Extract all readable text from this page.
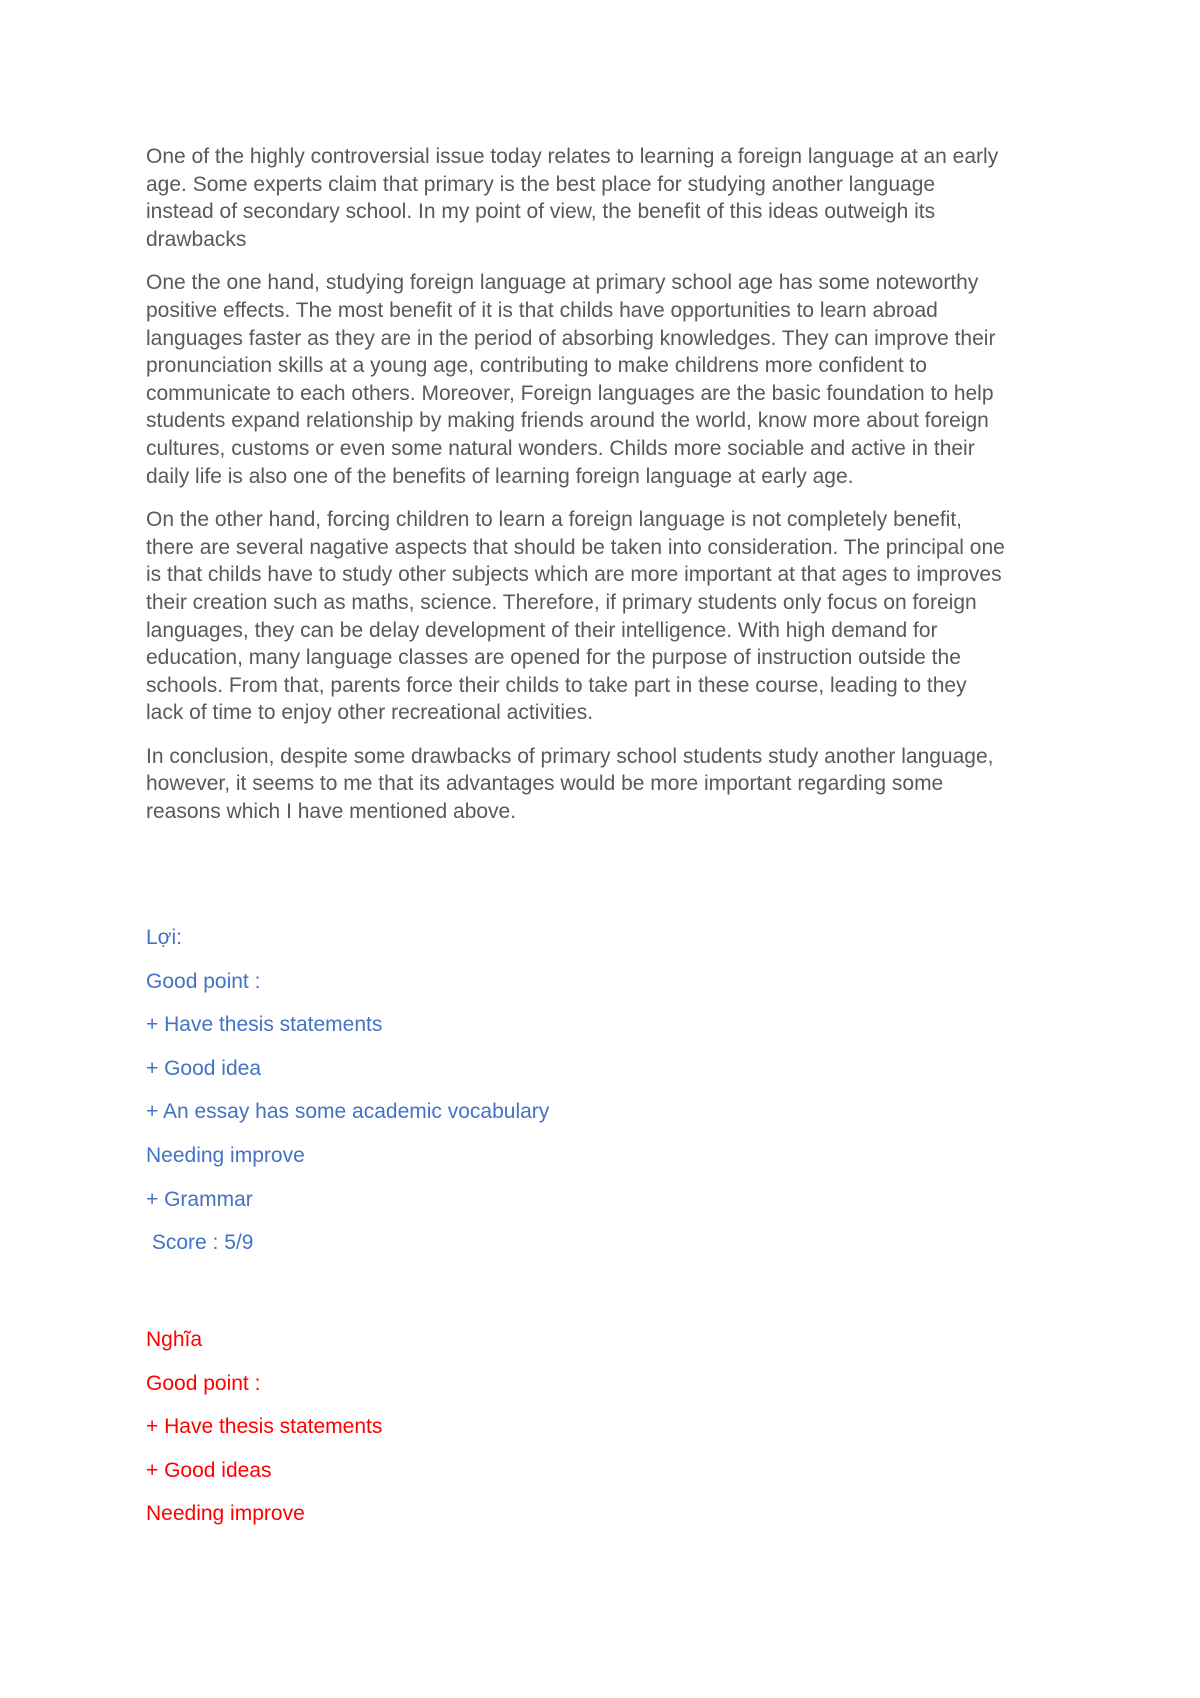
One of the highly controversial issue today relates to learning a foreign language at an early
age. Some experts claim that primary is the best place for studying another language
instead of secondary school. In my point of view, the benefit of this ideas outweigh its
drawbacks

One the one hand, studying foreign language at primary school age has some noteworthy
positive effects. The most benefit of it is that childs have opportunities to learn abroad
languages faster as they are in the period of absorbing knowledges. They can improve their
pronunciation skills at a young age, contributing to make childrens more confident to
communicate to each others. Moreover, Foreign languages are the basic foundation to help
students expand relationship by making friends around the world, know more about foreign
cultures, customs or even some natural wonders. Childs more sociable and active in their
daily life is also one of the benefits of learning foreign language at early age.

On the other hand, forcing children to learn a foreign language is not completely benefit,
there are several nagative aspects that should be taken into consideration. The principal one
is that childs have to study other subjects which are more important at that ages to improves
their creation such as maths, science. Therefore, if primary students only focus on foreign
languages, they can be delay development of their intelligence. With high demand for
education, many language classes are opened for the purpose of instruction outside the
schools. From that, parents force their childs to take part in these course, leading to they
lack of time to enjoy other recreational activities.

In conclusion, despite some drawbacks of primary school students study another language,
however, it seems to me that its advantages would be more important regarding some
reasons which I have mentioned above.

Lợi:

Good point :

+ Have thesis statements

+ Good idea

+ An essay has some academic vocabulary

Needing improve

+ Grammar

Score : 5/9

Nghĩa

Good point :

+ Have thesis statements

+ Good ideas

Needing improve
